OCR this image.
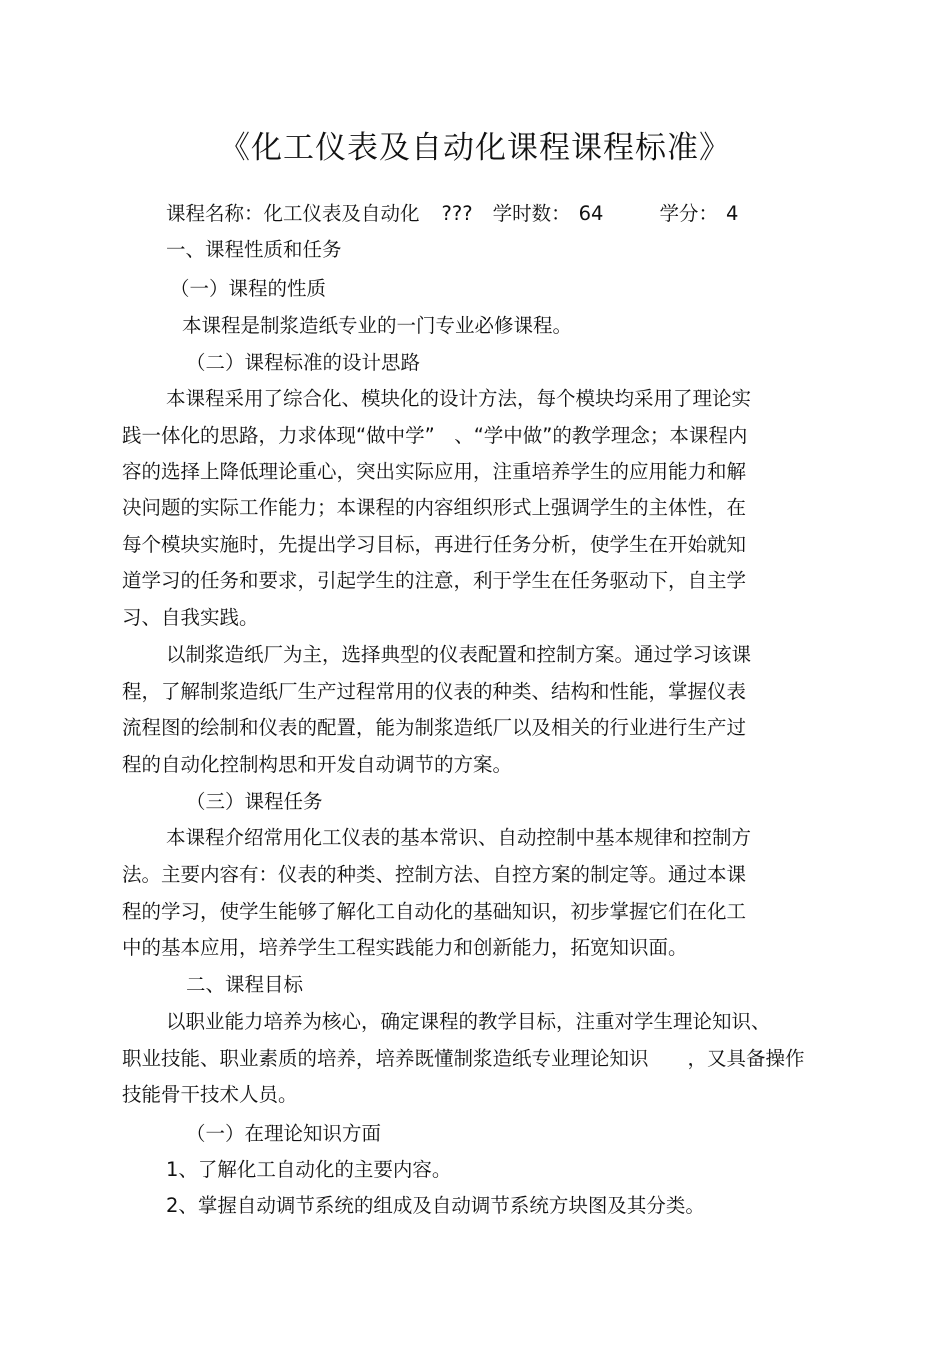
《化工仪表及自动化课程课程标准》
课程名称：化工仪表及自动化 ??? 学时数： 64	学分： 4
一、课程性质和任务
（一）课程的性质
本课程是制浆造纸专业的一门专业必修课程。
（二）课程标准的设计思路
本课程采用了综合化、模块化的设计方法，每个模块均采用了理论实
践一体化的思路，力求体现“做中学”　、“学中做”的教学理念；本课程内
容的选择上降低理论重心，突出实际应用，注重培养学生的应用能力和解
决问题的实际工作能力；本课程的内容组织形式上强调学生的主体性，在
每个模块实施时，先提出学习目标，再进行任务分析，使学生在开始就知
道学习的任务和要求，引起学生的注意，利于学生在任务驱动下，自主学
习、自我实践。
以制浆造纸厂为主，选择典型的仪表配置和控制方案。通过学习该课
程，了解制浆造纸厂生产过程常用的仪表的种类、结构和性能，掌握仪表
流程图的绘制和仪表的配置，能为制浆造纸厂以及相关的行业进行生产过
程的自动化控制构思和开发自动调节的方案。
（三）课程任务
本课程介绍常用化工仪表的基本常识、自动控制中基本规律和控制方
法。主要内容有：仪表的种类、控制方法、自控方案的制定等。通过本课
程的学习，使学生能够了解化工自动化的基础知识，初步掌握它们在化工
中的基本应用，培养学生工程实践能力和创新能力，拓宽知识面。
二、课程目标
以职业能力培养为核心，确定课程的教学目标，注重对学生理论知识、
职业技能、职业素质的培养，培养既懂制浆造纸专业理论知识　　，又具备操作
技能骨干技术人员。
（一）在理论知识方面
1、了解化工自动化的主要内容。
2、掌握自动调节系统的组成及自动调节系统方块图及其分类。
